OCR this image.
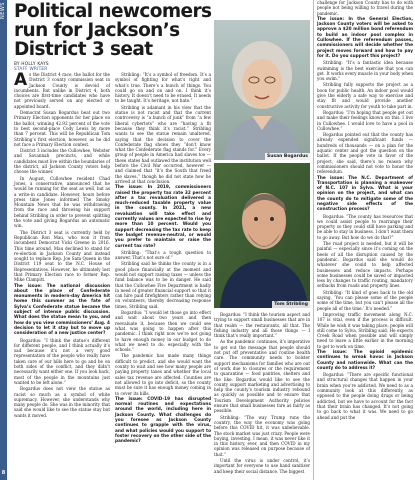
NEWS
8
Political newcomers run for Jackson’s District 3 seat
BY HOLLY KAYS
STAFF WRITER

As the District 4 race, the ballot for the District 3 county commission seat in Jackson County is devoid of incumbents. But unlike in District 4, both choices are first-time candidates who have not previously served on any elected or appointed board.

Democrat Susan Bogardus beat out two Primary Election opponents for her place on the ballot, winning 42.92 percent of the vote to best second-place Cody Lewis by more than 7 percent. This will be Republican Tom Stribling’s first election, however, as he did not face a Primary Election contest.

District 3 includes the Cullowhee, Webster and Savannah precincts, and while candidates must live within the boundaries of the district, all Jackson County voters help choose the winner.

In August, Cullowhee resident Chad Jones, a conservative, announced that he would be running for the seat as well, but as a write-in candidate. However, hours before press time Jones informed The Smoky Mountain News that he was withdrawing from the race and throwing his support behind Stribling in order to prevent splitting the vote and giving Bogardus an automatic win.

The District 3 seat is currently held by Republican Ron Mau, who won it from incumbent Democrat Vicki Greene in 2016. This time around, Mau declined to stand for re-election in Jackson County and instead sought to replace Rep. Joe Sam Queen in the District 119 seat to the N.C. House of Representatives. However, he ultimately lost that Primary Election race to former Rep. Mike Clampitt.

The issue: The national discussion about the place of Confederate monuments in modern-day America hit home this summer as the fate of Sylva’s Confederate statue became the subject of intense public discussion. What does the statue mean to you, and how do you view commissioners’ Aug. 4 decision to let it stay but to move up consideration of a new justice center?

Bogardus: “I think the statue’s different for different people, and I think actually it’s sad because it’s not a very good representation of the people who really have taken care of our hills here to go and be on both sides of the conflict, and they didn’t necessarily want either one. If you look back, most of the people in the mountains just wanted to be left alone.”

Bogardus does not view the statue as racist so much as a symbol of white supremacy. However, she understands why many people do. She was in the minority that said she would like to see the statue stay but wants it moved.

Stribling: “It’s a symbol of freedom. It’s a symbol of fighting for what’s right and what’s true. There’s a bunch of things. You could go on and on and on. I think it’s history. It doesn’t need to be erased. It needs to be taught. It’s heritage, not hate.”

Stribling is adamant in his view that the statue is not racist and that the current controversy is “a bunch of junk” from “a few liberal cybertots” who are “having a fit because they think it’s racist.” Stribling wants to see the statue remain unaltered, saying that the decision to cover the Confederate flag shows they “don’t know what the Confederate flag stands for.” Every group of people in America had slaves too — these states had outlawed the institution well before the Civil War occurred, however — and claimed that “it’s the South that freed the slaves,” though he did not state how he arrived at that conclusion.

The issue: In 2019, commissioners raised the property tax rate 32 percent after a tax revaluation delivered a much-reduced taxable property value in the county. In 2021, a new revaluation will take effect and currently values are expected to rise by more than 10 percent. Would you support decreasing the tax rate to keep the budget revenue-neutral, or would you prefer to maintain or raise the current tax rate?

Stribling: “That’s a tough question to answer. That’s not sure of.”

Stribling said he thinks the county is in a good place financially at the moment and would not support raising taxes — unless the fund balance was to be in danger. He said that the Cullowhee Fire Department is badly in need of greater financial support so that it can hire paid firefighters rather than relying on volunteers, thereby decreasing response times, Stribling said.

Bogardus: “I would let those go into effect and wait about two years and then reevaluate it, because then we could see what was going to happen after this pandemic. I think right now we’re not going to have enough money in our budget to do what we need to do, especially with the schools.”

The pandemic has made many things difficult to predict, and she would want the county to wait and see how many people are paying property taxes and whether the local sales tax revenue are affected. Counties are not allowed to go into deficit, so the county must be sure it has enough money coming in to cover its bills.

The issue: COVID-19 has disrupted normal routines and expectations around the world, including here in Jackson County. What challenges do you foresee as Jackson County continues to grapple with the virus, and what policies would you support to foster recovery on the other side of the pandemic?

Susan Bogardus
Tom Stribling

Bogardus: “I think the tourism aspect and trying to support small businesses that are in that realm — the restaurants, all that. The fishing industry and all those things — I think that’s really important.”

As the pandemic continues, it’s imperative to get out the message that people should not put off preventative and routine health care. The community needs to bolster support mechanisms for families who are out of work due to closures or the requirement to quarantine — food pantries, shelters and the like. Bogardus would like to see the county support marketing and advertising to help the county’s tourism industry rebound as quickly as possible and to ensure that Tourism Development Authority policies ensure that small businesses fare as fairly as possible.

Stribling: “The way Trump runs the country, the way the economy was going before this COVID hit, it was unbelievable. The stock market was just crazy. People were buying, investing. I mean, it was never like it in this history, ever, and then COVID in my opinion was released on purpose because of that.”

Until the virus is under control, it’s important for everyone to use hand sanitizer and keep their social distance. The biggest

challenge for Jackson County has to do with people not being willing to travel during the pandemic.

The issue: In the General Election, Jackson County voters will be asked to approve a $20 million bond referendum to build an indoor pool complex in Cullowhee. If the referendum passes, commissioners will decide whether the project moves forward and how to pay for it. Do you support this project?

Stribling: “It’s a fantastic idea because swimming is the best exercise that you can get. It works every muscle in your body when you swim.”

Stribling fully supports the project as a boon for public health. An indoor pool would give the elderly a safe way to exercise and stay fit and would provide another constructive activity for youth to take part in.

Bogardus: “I’m hoping that people get out and make their feelings known on this. I live in Cullowhee. I would love to have a pool in Cullowhee.”

Bogardus pointed out that the county has already expended significant funds — hundreds of thousands — on a plan for the aquatic center and got the question on the ballot. If the people vote in favor of the project, she said, there’s no reason why commissioners should not vote to honor the referendum.

The issue: The N.C. Department of Transportation is planning a makeover of N.C. 107 in Sylva. What is your opinion on the project, and what can the county do to mitigate some of the negative side effects of the construction process?

Bogardus: “The county has resources that we could assist people to rearrange their property so they could still have parking and be able to stay in business. I don’t want them to go away. But how do we do that?”

The road project is needed, but it will be painful — especially since it’s coming on the heels of all the disruption caused by the pandemic. Bogardus said she would do whatever she could to help affected businesses and reduce impacts. Perhaps some businesses could be saved or impacted less by changes to traffic routing, mandatory setbacks from roads and property lines.

Stribling: “It kind of goes back to the old saying, ‘You can please some of the people some of the time, but you can’t please all the people all of the time.’ It’s needed.”

Improving traffic movement along N.C. 107 is vital, even if the process is difficult. While he wish it was taking place, people will still come to Sylva, Stribling said. He expects Creek Road when possible and will simply need to leave a little earlier in the morning to get to work on time.

The issue: The opioid epidemic continues to wreak havoc in Jackson County and nationwide. What can the county do to address it?

Bogardus: “There are specific functional and structural changes that happen in your brain when you’re addicted. We need to as a community look at this differently, as opposed to the people doing drugs or being addicted, but we have to account for the fact that their brain has changed. It’s not going to go back to what it was. We need to go ahead and put the
